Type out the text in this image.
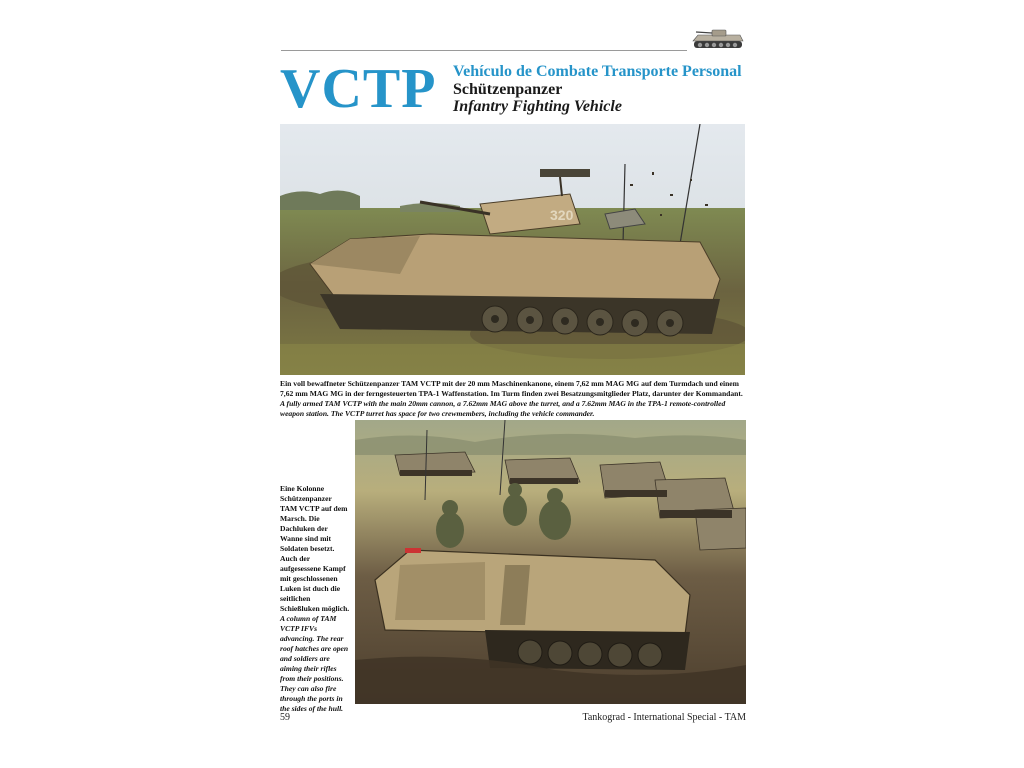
VCTP Vehículo de Combate Transporte Personal
Schützenpanzer
Infantry Fighting Vehicle
320
Ein voll bewaffneter Schützenpanzer TAM VCTP mit der 20 mm Maschinenkanone, einem 7,62 mm MAG MG auf dem Turmdach und einem 7,62 mm MAG MG in der ferngesteuerten TPA-1 Waffenstation. Im Turm finden zwei Besatzungsmitglieder Platz, darunter der Kommandant. A fully armed TAM VCTP with the main 20mm cannon, a 7.62mm MAG above the turret, and a 7.62mm MAG in the TPA-1 remote-controlled weapon station. The VCTP turret has space for two crewmembers, including the vehicle commander.
Eine Kolonne Schützenpanzer TAM VCTP auf dem Marsch. Die Dachluken der Wanne sind mit Soldaten besetzt. Auch der aufgesessene Kampf mit geschlossenen Luken ist duch die seitlichen Schießluken möglich. A column of TAM VCTP IFVs advancing. The rear roof hatches are open and soldiers are aiming their rifles from their positions. They can also fire through the ports in the sides of the hull.
59	Tankograd - International Special - TAM
